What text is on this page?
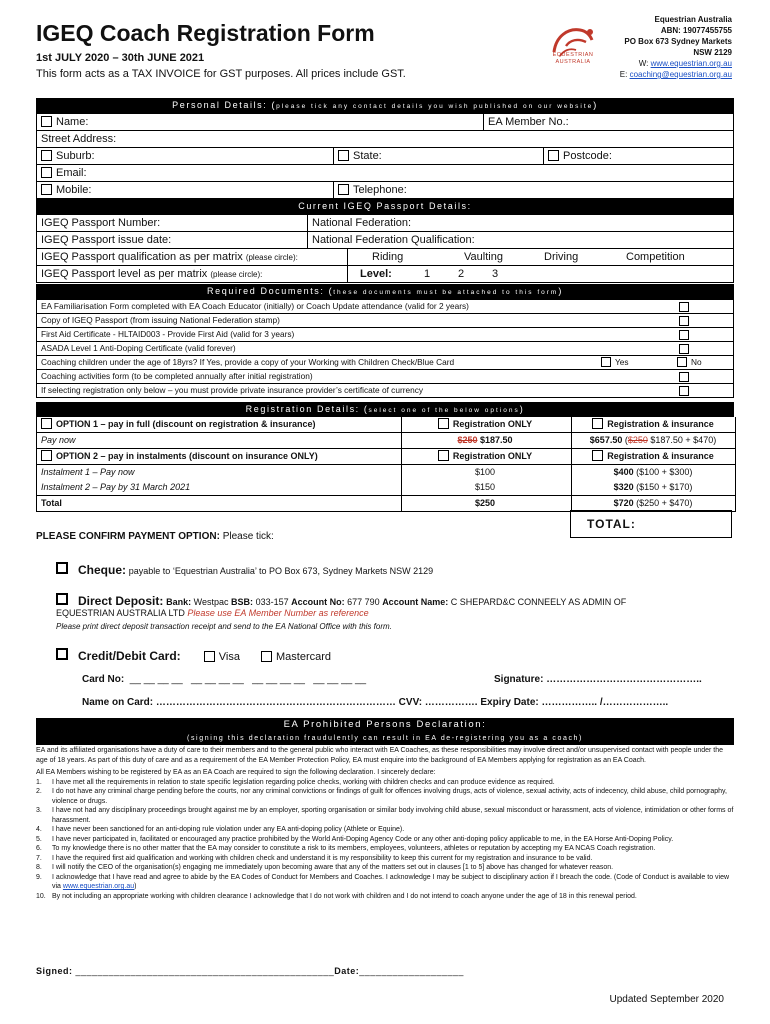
IGEQ Coach Registration Form
1st JULY 2020 – 30th JUNE 2021
This form acts as a TAX INVOICE for GST purposes. All prices include GST.
EQUESTRIAN AUSTRALIA
Equestrian Australia
ABN: 19077455755
PO Box 673 Sydney Markets
NSW 2129
W: www.equestrian.org.au
E: coaching@equestrian.org.au
Personal Details: (please tick any contact details you wish published on our website)
Name:	EA Member No.:
Street Address:
Suburb:	State:	Postcode:
Email:
Mobile:	Telephone:
Current IGEQ Passport Details:
IGEQ Passport Number:	National Federation:
IGEQ Passport issue date:	National Federation Qualification:
IGEQ Passport qualification as per matrix (please circle):	Riding	Vaulting	Driving	Competition
IGEQ Passport level as per matrix (please circle):	Level:	1	2	3
Required Documents: (these documents must be attached to this form)
EA Familiarisation Form completed with EA Coach Educator (initially) or Coach Update attendance (valid for 2 years)
Copy of IGEQ Passport (from issuing National Federation stamp)
First Aid Certificate - HLTAID003 - Provide First Aid (valid for 3 years)
ASADA Level 1 Anti-Doping Certificate (valid forever)
Coaching children under the age of 18yrs? If Yes, provide a copy of your Working with Children Check/Blue Card	Yes	No
Coaching activities form (to be completed annually after initial registration)
If selecting registration only below – you must provide private insurance provider’s certificate of currency
Registration Details: (select one of the below options)
OPTION 1 – pay in full (discount on registration & insurance)	Registration ONLY	Registration & insurance
Pay now	$250 $187.50	$657.50 ($250 $187.50 + $470)
OPTION 2 – pay in instalments (discount on insurance ONLY)	Registration ONLY	Registration & insurance
Instalment 1 – Pay now	$100	$400 ($100 + $300)
Instalment 2 – Pay by 31 March 2021	$150	$320 ($150 + $170)
Total	$250	$720 ($250 + $470)
TOTAL:
PLEASE CONFIRM PAYMENT OPTION: Please tick:
Cheque: payable to ‘Equestrian Australia’ to PO Box 673, Sydney Markets NSW 2129
Direct Deposit: Bank: Westpac BSB: 033-157 Account No: 677 790 Account Name: C SHEPARD&C CONNEELY AS ADMIN OF
EQUESTRIAN AUSTRALIA LTD Please use EA Member Number as reference
Please print direct deposit transaction receipt and send to the EA National Office with this form.
Credit/Debit Card:	Visa	Mastercard
Card No: __ __ __ __   __ __ __ __   __ __ __ __   __ __ __ __	Signature: ………………………………………..
Name on Card: ……………………………………………………………… CVV: ……………. Expiry Date: …………….. /………………..
EA Prohibited Persons Declaration:
(signing this declaration fraudulently can result in EA de-registering you as a coach)
EA and its affiliated organisations have a duty of care to their members and to the general public who interact with EA Coaches, as these responsibilities may involve direct and/or unsupervised contact with people under the age of 18 years. As part of this duty of care and as a requirement of the EA Member Protection Policy, EA must enquire into the background of EA Members applying for registration as an EA Coach.
All EA Members wishing to be registered by EA as an EA Coach are required to sign the following declaration. I sincerely declare:
1. I have met all the requirements in relation to state specific legislation regarding police checks, working with children checks and can produce evidence as required.
2. I do not have any criminal charge pending before the courts, nor any criminal convictions or findings of guilt for offences involving drugs, acts of violence, sexual activity, acts of indecency, child abuse, child pornography, violence or drugs.
3. I have not had any disciplinary proceedings brought against me by an employer, sporting organisation or similar body involving child abuse, sexual misconduct or harassment, acts of violence, intimidation or other forms of harassment.
4. I have never been sanctioned for an anti-doping rule violation under any EA anti-doping policy (Athlete or Equine).
5. I have never participated in, facilitated or encouraged any practice prohibited by the World Anti-Doping Agency Code or any other anti-doping policy applicable to me, in the EA Horse Anti-Doping Policy.
6. To my knowledge there is no other matter that the EA may consider to constitute a risk to its members, employees, volunteers, athletes or reputation by accepting my EA NCAS Coach registration.
7. I have the required first aid qualification and working with children check and understand it is my responsibility to keep this current for my registration and insurance to be valid.
8. I will notify the CEO of the organisation(s) engaging me immediately upon becoming aware that any of the matters set out in clauses [1 to 5] above has changed for whatever reason.
9. I acknowledge that I have read and agree to abide by the EA Codes of Conduct for Members and Coaches. I acknowledge I may be subject to disciplinary action if I breach the code. (Code of Conduct is available to view via www.equestrian.org.au)
10. By not including an appropriate working with children clearance I acknowledge that I do not work with children and I do not intend to coach anyone under the age of 18 in this renewal period.
Signed: _______________________________________________Date:___________________
Updated September 2020
